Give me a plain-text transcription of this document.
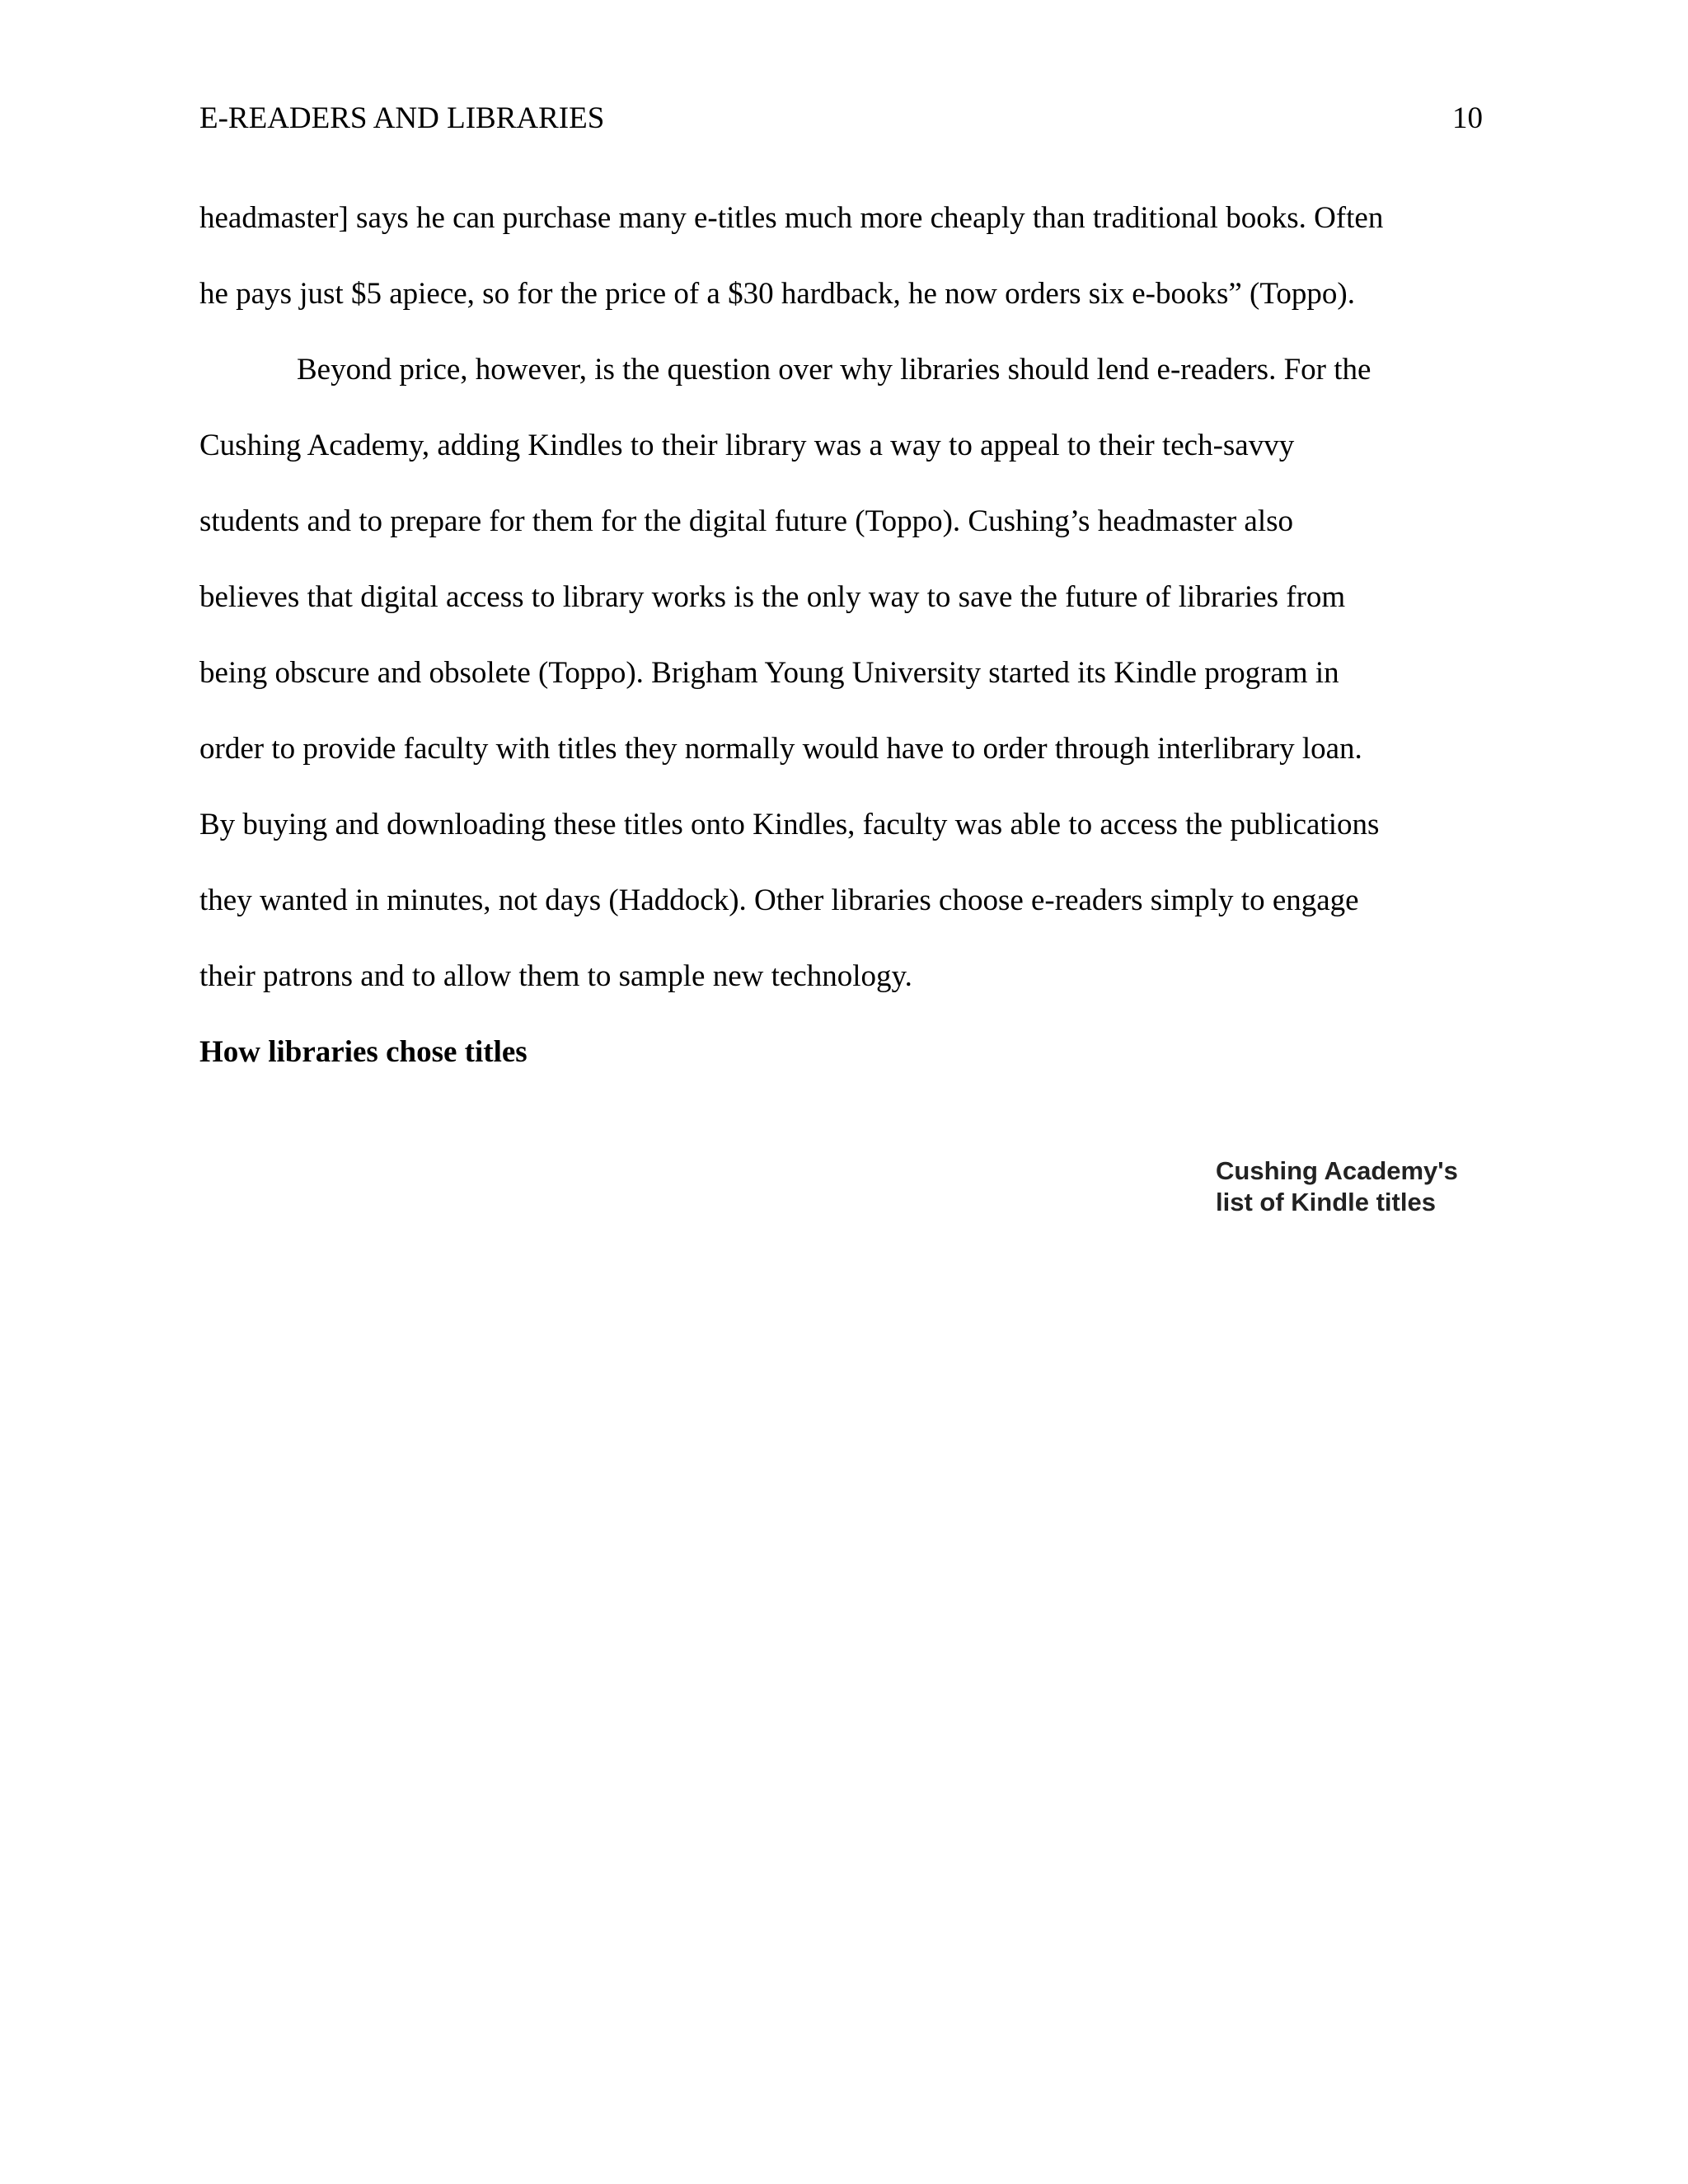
E-READERS AND LIBRARIES	10
headmaster] says he can purchase many e-titles much more cheaply than traditional books. Often
he pays just $5 apiece, so for the price of a $30 hardback, he now orders six e-books” (Toppo).
Beyond price, however, is the question over why libraries should lend e-readers. For the
Cushing Academy, adding Kindles to their library was a way to appeal to their tech-savvy
students and to prepare for them for the digital future (Toppo). Cushing’s headmaster also
believes that digital access to library works is the only way to save the future of libraries from
being obscure and obsolete (Toppo). Brigham Young University started its Kindle program in
order to provide faculty with titles they normally would have to order through interlibrary loan.
By buying and downloading these titles onto Kindles, faculty was able to access the publications
they wanted in minutes, not days (Haddock). Other libraries choose e-readers simply to engage
their patrons and to allow them to sample new technology.
How libraries chose titles
Cushing Academy's
list of Kindle titles
